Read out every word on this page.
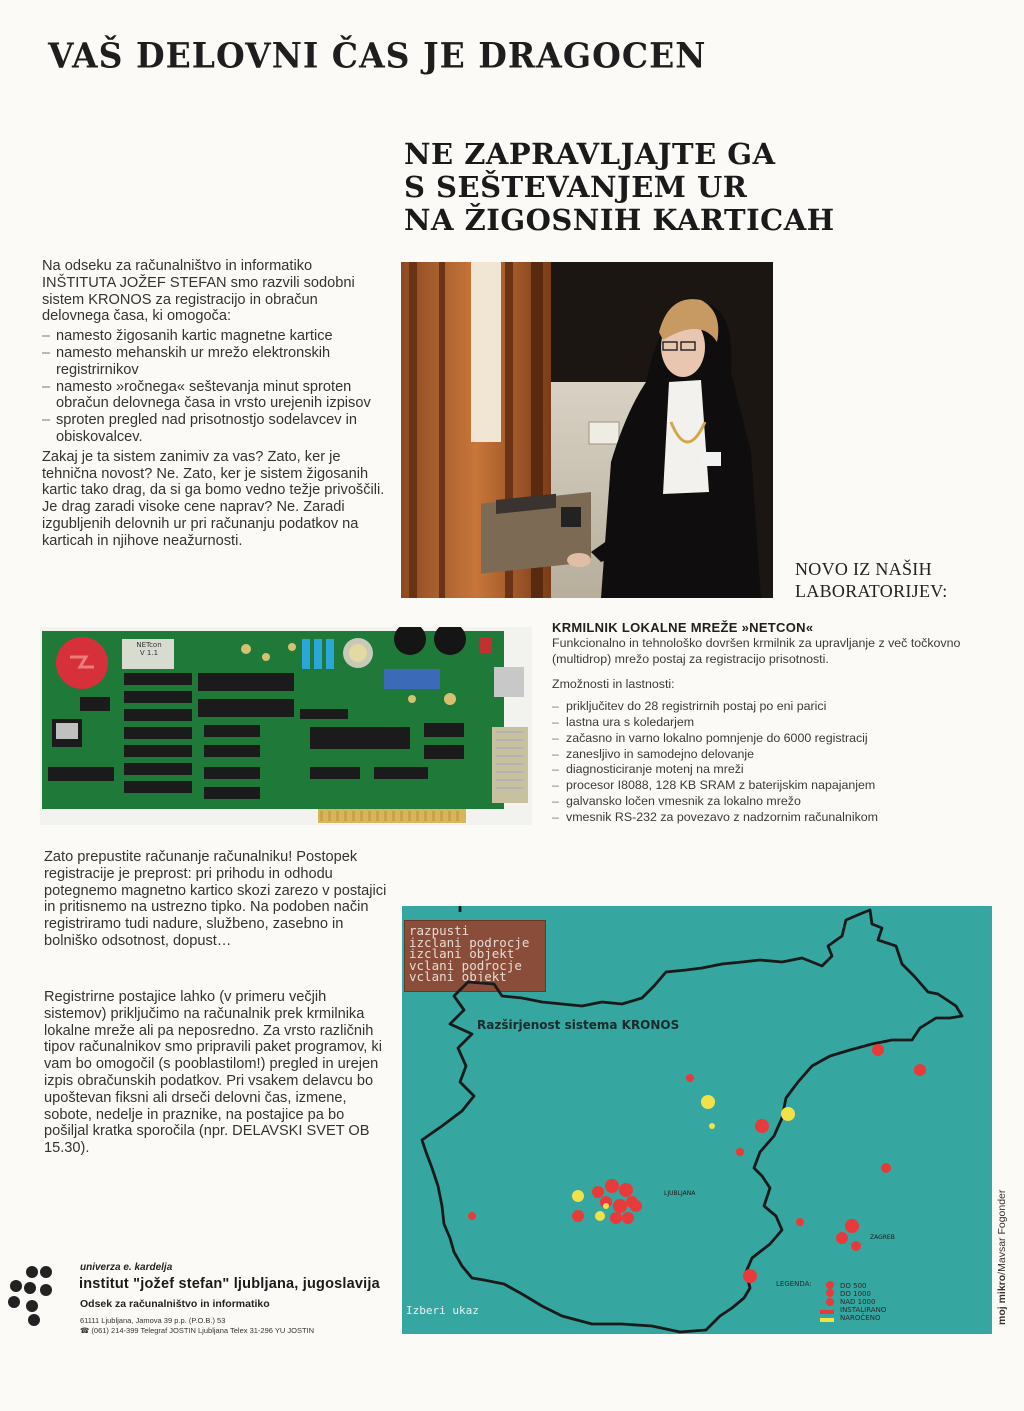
VAŠ DELOVNI ČAS JE DRAGOCEN
NE ZAPRAVLJAJTE GA
S SEŠTEVANJEM UR
NA ŽIGOSNIH KARTICAH

Na odseku za računalništvo in informatiko INŠTITUTA JOŽEF STEFAN smo razvili sodobni sistem KRONOS za registracijo in obračun delovnega časa, ki omogoča:

– namesto žigosanih kartic magnetne kartice
– namesto mehanskih ur mrežo elektronskih registrirnikov
– namesto »ročnega« seštevanja minut sproten obračun delovnega časa in vrsto urejenih izpisov
– sproten pregled nad prisotnostjo sodelavcev in obiskovalcev.

Zakaj je ta sistem zanimiv za vas? Zato, ker je tehnična novost? Ne. Zato, ker je sistem žigosanih kartic tako drag, da si ga bomo vedno težje privoščili. Je drag zaradi visoke cene naprav? Ne. Zaradi izgubljenih delovnih ur pri računanju podatkov na karticah in njihove neažurnosti.

NOVO IZ NAŠIH
LABORATORIJEV:
NETcon
V 1.1
KRMILNIK LOKALNE MREŽE »NETCON«
Funkcionalno in tehnološko dovršen krmilnik za upravljanje z več točkovno (multidrop) mrežo postaj za registracijo prisotnosti.
Zmožnosti in lastnosti:
– priključitev do 28 registrirnih postaj po eni parici
– lastna ura s koledarjem
– začasno in varno lokalno pomnjenje do 6000 registracij
– zanesljivo in samodejno delovanje
– diagnosticiranje motenj na mreži
– procesor I8088, 128 KB SRAM z baterijskim napajanjem
– galvansko ločen vmesnik za lokalno mrežo
– vmesnik RS-232 za povezavo z nadzornim računalnikom

Zato prepustite računanje računalniku! Postopek registracije je preprost: pri prihodu in odhodu potegnemo magnetno kartico skozi zarezo v postajici in pritisnemo na ustrezno tipko. Na podoben način registriramo tudi nadure, službeno, zasebno in bolniško odsotnost, dopust…

Registrirne postajice lahko (v primeru večjih sistemov) priključimo na računalnik prek krmilnika lokalne mreže ali pa neposredno. Za vrsto različnih tipov računalnikov smo pripravili paket programov, ki vam bo omogočil (s pooblastilom!) pregled in urejen izpis obračunskih podatkov. Pri vsakem delavcu bo upoštevan fiksni ali drseči delovni čas, izmene, sobote, nedelje in praznike, na postajice pa bo pošiljal kratka sporočila (npr. DELAVSKI SVET OB 15.30).

razpusti
izclani podrocje
izclani objekt
vclani podrocje
vclani objekt
Razširjenost sistema KRONOS
LJUBLJANA
ZAGREB
LEGENDA:	DO 500
DO 1000
NAD 1000
INSTALIRANO
NAROČENO
Izberi ukaz
univerza e. kardelja
institut "jožef stefan" ljubljana, jugoslavija
Odsek za računalništvo in informatiko
61111 Ljubljana, Jamova 39 p.p. (P.O.B.) 53
☎ (061) 214-399 Telegraf JOSTIN Ljubljana Telex 31-296 YU JOSTIN
moj mikro/Mavsar Fogonder
